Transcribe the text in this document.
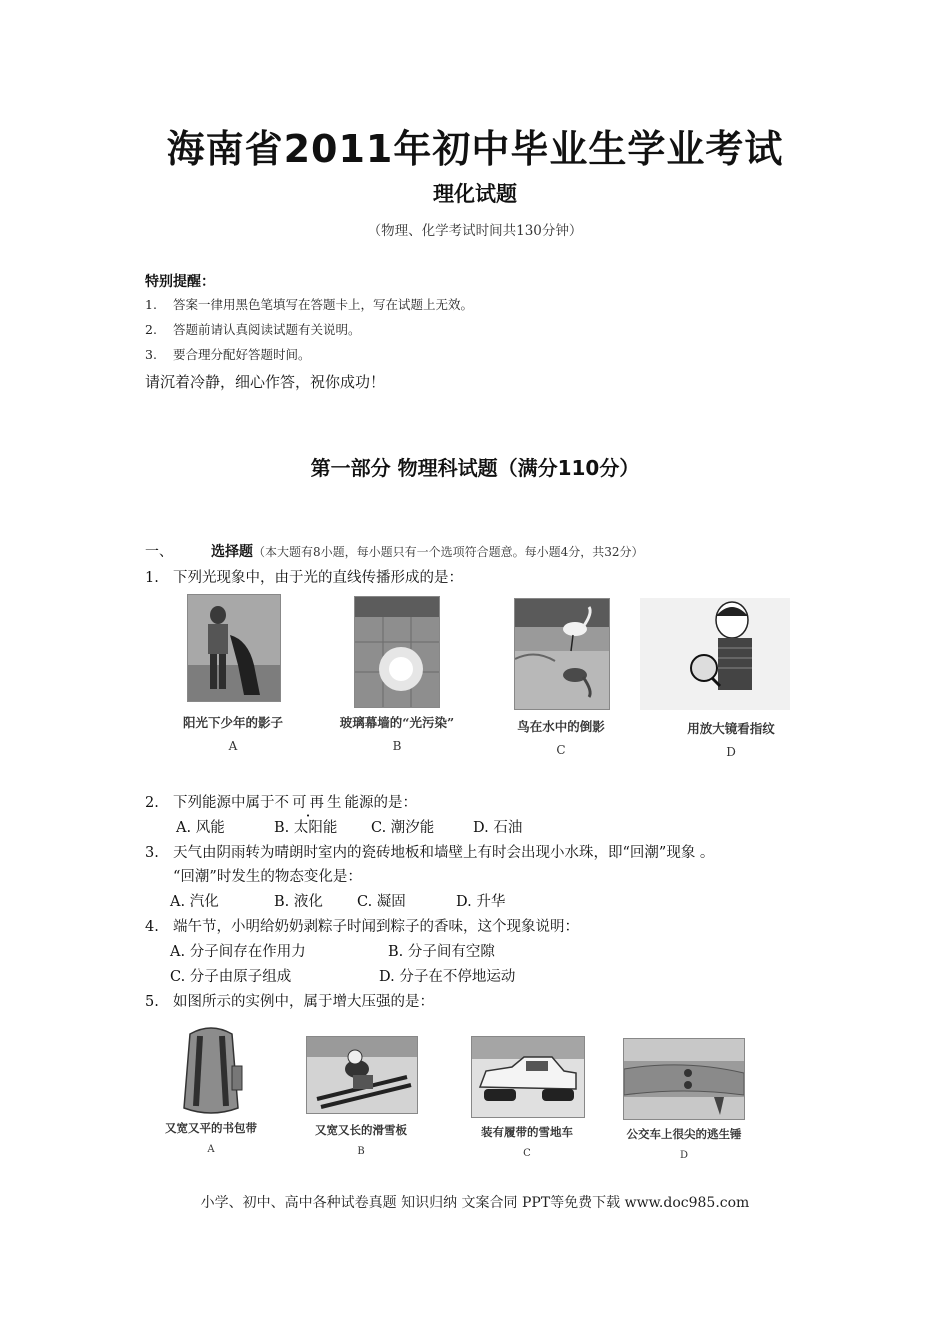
海南省2011年初中毕业生学业考试
理化试题
（物理、化学考试时间共130分钟）
特别提醒：
1. 答案一律用黑色笔填写在答题卡上，写在试题上无效。
2. 答题前请认真阅读试题有关说明。
3. 要合理分配好答题时间。
请沉着冷静，细心作答，祝你成功！
第一部分 物理科试题（满分110分）
一、	选择题（本大题有8小题，每小题只有一个选项符合题意。每小题4分，共32分）
1. 下列光现象中，由于光的直线传播形成的是：
阳光下少年的影子
A
玻璃幕墙的“光污染”
B
鸟在水中的倒影
C
用放大镜看指纹
D
2. 下列能源中属于不可再生能源的是：
A. 风能	B. 太阳能 C. 潮汐能	D. 石油
3. 天气由阴雨转为晴朗时室内的瓷砖地板和墙壁上有时会出现小水珠，即“回潮”现象 。
“回潮”时发生的物态变化是：
A. 汽化	B. 液化 C. 凝固	D. 升华
4. 端午节，小明给奶奶剥粽子时闻到粽子的香味，这个现象说明：
A. 分子间存在作用力	B. 分子间有空隙
C. 分子由原子组成	D. 分子在不停地运动
5. 如图所示的实例中，属于增大压强的是：
又宽又平的书包带
A
又宽又长的滑雪板
B
装有履带的雪地车
C
公交车上很尖的逃生锤
D
小学、初中、高中各种试卷真题 知识归纳 文案合同 PPT等免费下载 www.doc985.com
